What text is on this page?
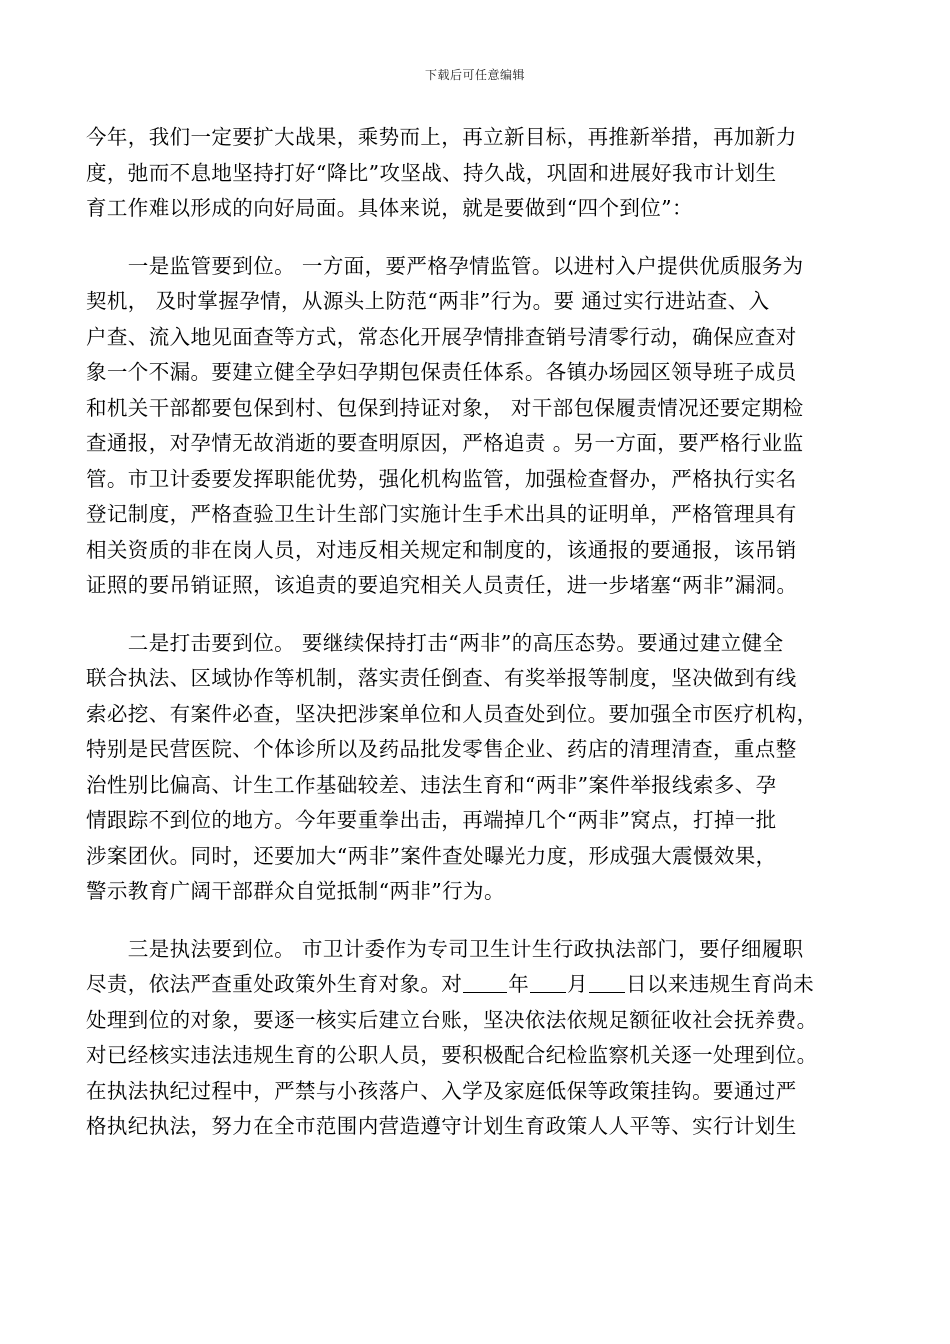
下载后可任意编辑
今年，我们一定要扩大战果，乘势而上，再立新目标，再推新举措，再加新力
度，弛而不息地坚持打好“降比”攻坚战、持久战，巩固和进展好我市计划生
育工作难以形成的向好局面。具体来说，就是要做到“四个到位”：
　　一是监管要到位。 一方面，要严格孕情监管。以进村入户提供优质服务为
契机， 及时掌握孕情，从源头上防范“两非”行为。要 通过实行进站查、入
户查、流入地见面查等方式，常态化开展孕情排查销号清零行动，确保应查对
象一个不漏。要建立健全孕妇孕期包保责任体系。各镇办场园区领导班子成员
和机关干部都要包保到村、包保到持证对象， 对干部包保履责情况还要定期检
查通报，对孕情无故消逝的要查明原因，严格追责 。另一方面，要严格行业监
管。市卫计委要发挥职能优势，强化机构监管，加强检查督办，严格执行实名
登记制度，严格查验卫生计生部门实施计生手术出具的证明单，严格管理具有
相关资质的非在岗人员，对违反相关规定和制度的，该通报的要通报，该吊销
证照的要吊销证照，该追责的要追究相关人员责任，进一步堵塞“两非”漏洞。
　　二是打击要到位。 要继续保持打击“两非”的高压态势。要通过建立健全
联合执法、区域协作等机制，落实责任倒查、有奖举报等制度，坚决做到有线
索必挖、有案件必查，坚决把涉案单位和人员查处到位。要加强全市医疗机构，
特别是民营医院、个体诊所以及药品批发零售企业、药店的清理清查，重点整
治性别比偏高、计生工作基础较差、违法生育和“两非”案件举报线索多、孕
情跟踪不到位的地方。今年要重拳出击，再端掉几个“两非”窝点，打掉一批
涉案团伙。同时，还要加大“两非”案件查处曝光力度，形成强大震慑效果，
警示教育广阔干部群众自觉抵制“两非”行为。
　　三是执法要到位。 市卫计委作为专司卫生计生行政执法部门，要仔细履职
尽责，依法严查重处政策外生育对象。对 年 月 日以来违规生育尚未
处理到位的对象，要逐一核实后建立台账，坚决依法依规足额征收社会抚养费。
对已经核实违法违规生育的公职人员，要积极配合纪检监察机关逐一处理到位。
在执法执纪过程中，严禁与小孩落户、入学及家庭低保等政策挂钩。要通过严
格执纪执法，努力在全市范围内营造遵守计划生育政策人人平等、实行计划生
